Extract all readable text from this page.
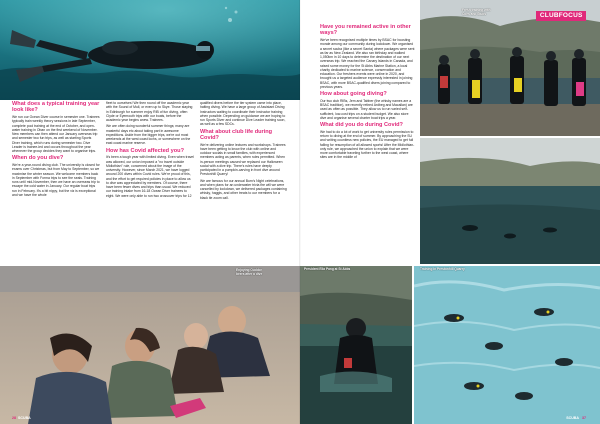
What does a typical training year look like?

We run our Ocean Diver course in semester one. Trainees typically train weekly theory sessions in late September, complete pool training at the end of October, and open-water training in Oban on the first weekend of November. New members can then attend our January overseas trip and semester two fun trips, as well as starting Sports Diver training, which runs during semester two. Dive Leader is trainee-led and occurs throughout the year whenever the group decides they want to organise trips.

When do you dive?

We're a year-round diving club. The university is closed for exams over Christmas, but from May to September, so we maximise the winter season. We welcome members back in September with Forma trips to see the seals. Training runs until mid-November, then we have an overseas trip to escape the cold water in January. Our regular boat trips run in February. It's a bit nippy, but the viz is exceptional and we have the whole

fleet to ourselves! We then round off the academic year with the Sound of Mull, or even up to Skye. Those staying in Edinburgh for summer enjoy RIB of fun diving, often Clyde or Eyemouth trips with our boats, before the academic year begins anew. Trainees.

We are often doing wonderful summer things; many are masterful days etc about taking part in awesome expeditions. Aside from the bigger trips, we're out most weekends at the west coast lochs, or somewhere on the east coast marine reserve.

How has Covid affected you?

It's been a tough year with limited diving. Even when travel was allowed, our union imposed a "no travel outside Midlothian" rule, concerned about the image of the university. However, since March 2021, we have logged around 200 dives within Covid rules. We're proud of this, and the effort to get required policies in place to allow us to dive was appreciated by members. Of course, there have been fewer dives and trips than usual. We reduced our training intake from 16-18 Ocean Diver trainees to eight. We were only able to run two crossover trips for 12

qualified divers before the tier system came into place, halting diving. We have a large group of Assistant Diving Instructors waiting to coordinate their instructor training when possible. Depending on guidance we are hoping to run Sports Diver and continue Dive Leader training soon, as well as a few SDCs.

What about club life during Covid?

We're delivering online lectures and workshops. Trainees have been getting to know the club with online and outdoor socials in small families, with experienced members acting as parents, when rules permitted. When in-person meetings caused we replaced our Halloween social with a dive trip. There's rules have deeply participated in a pumpkin-carving in front dive around Prestonhill Quarry!

We are famous for our annual Burn's Night celebrations, and when plans for an underwater trivia fire will we were cancelled by lockdown, we delivered packages containing whisky, haggis, and other treats to our members for a black tie zoom call.

Enjoying Ouddor
beers after a dive
28 SCUBA
Have you remained active in other ways?

We've been recognised multiple times by BSAC for boosting morale among our community during lockdown. We organised a secret scuba (like a secret Santa) where packages were sent as far as New Zealand. We also ran birthday and walked 1,050km in 10 days to determine the destination of our next overseas trip. We reached the Canary Islands in Canada, and raised some money for the St Abbs Marine Station, a local charity dedicated to marine science, conservation and education. Our freshers events were online in 2020, and brought us a targeted audience expressly interested in joining BSAC, with more BSAC-qualified divers joining compared to previous years.

How about going diving?

Our two club RIBs, Jem and Tabber (the whisky names are a BSAC tradition), we recently retired Ardbeg and Macallan) are used as often as possible. They allow us to run varied self-sufficient, low-cost trips on a student budget. We also store dive and organise several charter boat trips a year.

What did you do during Covid?

We had to do a lot of work to get university rules permission to return to diving at the end of summer. By approaching the SU and writing countless new policies, the EU managed to get full falling for resumption of all allowed sports! After the Midlothian-only rule, we approached the union to explain that we were more comfortable traveling further to the west coast, where sites are in the middle of

Fresh training with
Coes and Stubs	CLUBFOCUS
President Ella Pang at St Abbs	Training in Prestonhill Quarry
SCUBA 37
